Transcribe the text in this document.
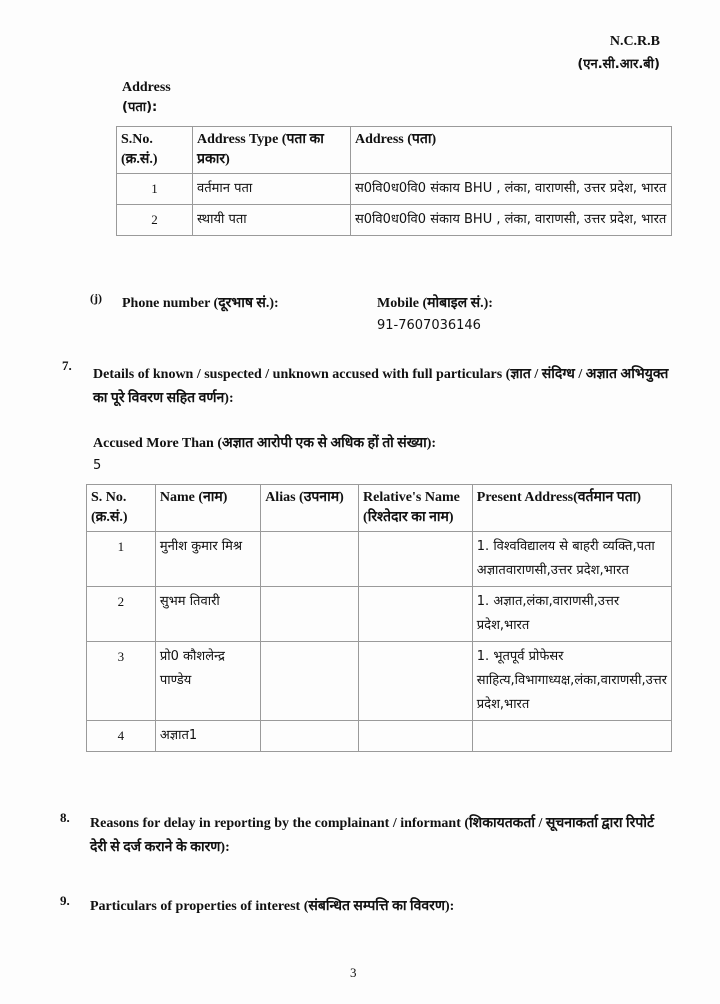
N.C.R.B
(एन.सी.आर.बी)
Address
(पता):
S.No. (क्र.सं.)	Address Type (पता का प्रकार)	Address (पता)
1	वर्तमान पता	स0वि0ध0वि0 संकाय BHU , लंका, वाराणसी, उत्तर प्रदेश, भारत
2	स्थायी पता	स0वि0ध0वि0 संकाय BHU , लंका, वाराणसी, उत्तर प्रदेश, भारत
(j) Phone number (दूरभाष सं.):	Mobile (मोबाइल सं.):
91-7607036146
7.
Details of known / suspected / unknown accused with full particulars (ज्ञात / संदिग्ध / अज्ञात अभियुक्त का पूरे विवरण सहित वर्णन):
Accused More Than (अज्ञात आरोपी एक से अधिक हों तो संख्या):
5
S. No. (क्र.सं.)	Name (नाम)	Alias (उपनाम)	Relative's Name (रिश्तेदार का नाम)	Present Address(वर्तमान पता)
1	मुनीश कुमार मिश्र			1. विश्वविद्यालय से बाहरी व्यक्ति,पता अज्ञातवाराणसी,उत्तर प्रदेश,भारत
2	सुभम तिवारी			1. अज्ञात,लंका,वाराणसी,उत्तर प्रदेश,भारत
3	प्रो0 कौशलेन्द्र पाण्डेय			1. भूतपूर्व प्रोफेसर साहित्य,विभागाध्यक्ष,लंका,वाराणसी,उत्तर प्रदेश,भारत
4	अज्ञात1			
8. Reasons for delay in reporting by the complainant / informant (शिकायतकर्ता / सूचनाकर्ता द्वारा रिपोर्ट देरी से दर्ज कराने के कारण):
9. Particulars of properties of interest (संबन्धित सम्पत्ति का विवरण):
3
